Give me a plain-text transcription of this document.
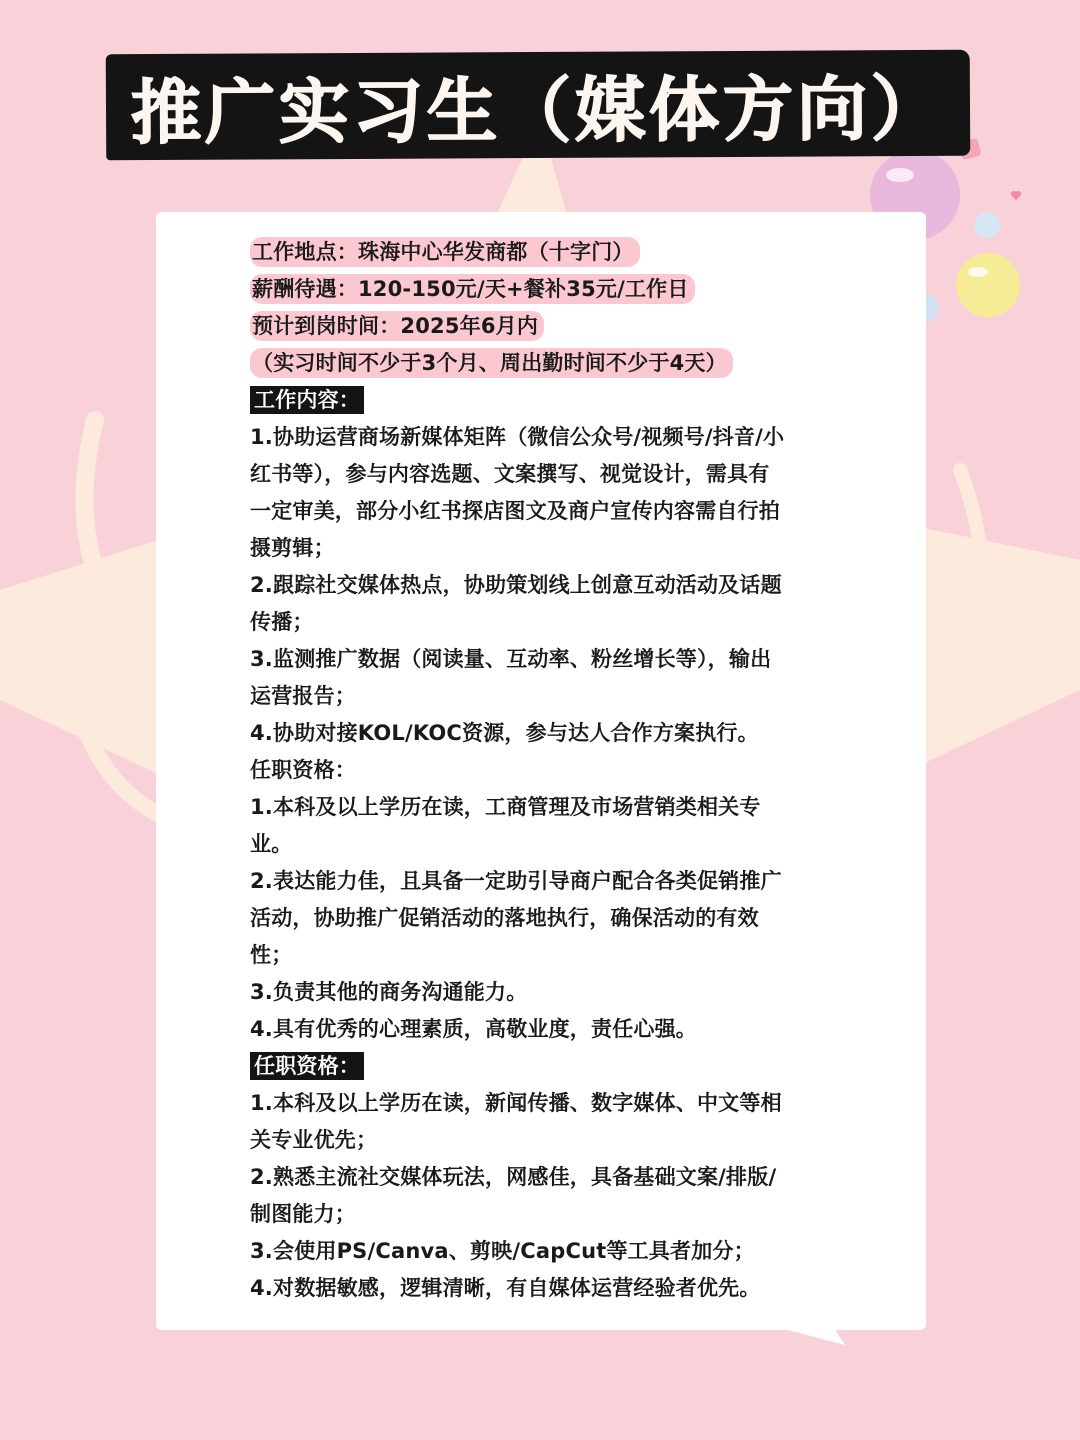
推广实习生（媒体方向）
工作地点：珠海中心华发商都（十字门）
薪酬待遇：120-150元/天+餐补35元/工作日
预计到岗时间：2025年6月内
（实习时间不少于3个月、周出勤时间不少于4天）
工作内容：
1.协助运营商场新媒体矩阵（微信公众号/视频号/抖音/小
红书等），参与内容选题、文案撰写、视觉设计，需具有
一定审美，部分小红书探店图文及商户宣传内容需自行拍
摄剪辑；
2.跟踪社交媒体热点，协助策划线上创意互动活动及话题
传播；
3.监测推广数据（阅读量、互动率、粉丝增长等），输出
运营报告；
4.协助对接KOL/KOC资源，参与达人合作方案执行。
任职资格：
1.本科及以上学历在读，工商管理及市场营销类相关专
业。
2.表达能力佳，且具备一定助引导商户配合各类促销推广
活动，协助推广促销活动的落地执行，确保活动的有效
性；
3.负责其他的商务沟通能力。
4.具有优秀的心理素质，高敬业度，责任心强。
任职资格：
1.本科及以上学历在读，新闻传播、数字媒体、中文等相
关专业优先；
2.熟悉主流社交媒体玩法，网感佳，具备基础文案/排版/
制图能力；
3.会使用PS/Canva、剪映/CapCut等工具者加分；
4.对数据敏感，逻辑清晰，有自媒体运营经验者优先。
